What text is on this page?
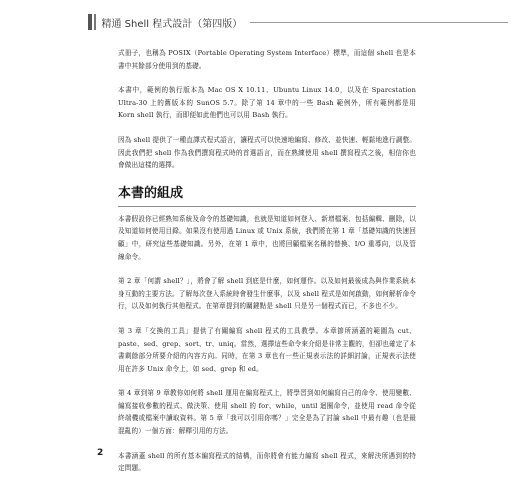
精通 Shell 程式設計（第四版）

式冊子，也稱為 POSIX（Portable Operating System Interface）標準，而這個 shell 也是本書中其餘部分使用到的基礎。

本書中，範例的執行版本為 Mac OS X 10.11、Ubuntu Linux 14.0，以及在 Sparcstation Ultra-30 上的舊版本的 SunOS 5.7。除了第 14 章中的一些 Bash 範例外，所有範例都是用 Korn shell 執行，而即便如此他們也可以用 Bash 執行。

因為 shell 提供了一種直譯式程式語言，讓程式可以快速地編寫、修改、並快速、輕鬆地進行調整。因此我們把 shell 作為我們撰寫程式時的首選語言，而在熟練使用 shell 撰寫程式之後，相信你也會做出這樣的選擇。

本書的組成

本書假設你已經熟知系統及命令的基礎知識，也就是知道如何登入、新增檔案、包括編輯、刪除，以及知道如何使用目錄。如果沒有使用過 Linux 或 Unix 系統，我們將在第 1 章「基礎知識的快速回顧」中，研究這些基礎知識。另外，在第 1 章中，也將回顧檔案名稱的替換、I/O 重導向，以及管線命令。

第 2 章「何謂 shell？」，將會了解 shell 到底是什麼，如何運作。以及如何最後成為與作業系統本身互動的主要方法。了解每次登入系統時會發生什麼事，以及 shell 程式是如何啟動，如何解析命令行，以及如何執行其他程式。在第章提到的關鍵點是 shell 只是另一個程式而已，不多也不少。

第 3 章「交換的工具」提供了有關編寫 shell 程式的工具教學。本章節所涵蓋的範圍為 cut、paste、sed、grep、sort、tr、uniq。當然，選擇這些命令來介紹是非常主觀的，但卻也確定了本書剩餘部分所要介紹的內容方向。同時，在第 3 章也有一些正規表示法的詳細討論，正規表示法使用在許多 Unix 命令上，如 sed、grep 和 ed。

第 4 章到第 9 章教你如何將 shell 運用在編寫程式上，將學習到如何編寫自己的命令、使用變數、編寫接收參數的程式、做決策、使用 shell 的 for、while，until 迴圈命令，並使用 read 命令從終端機或檔案中讀取資料。第 5 章「我可以引用你嗎？」完全是為了討論 shell 中最有趣（也是最混亂的）一個方面：解釋引用的方法。

本書涵蓋 shell 的所有基本編寫程式的結構，而你將會有能力編寫 shell 程式，來解決所遇到的特定問題。

2
